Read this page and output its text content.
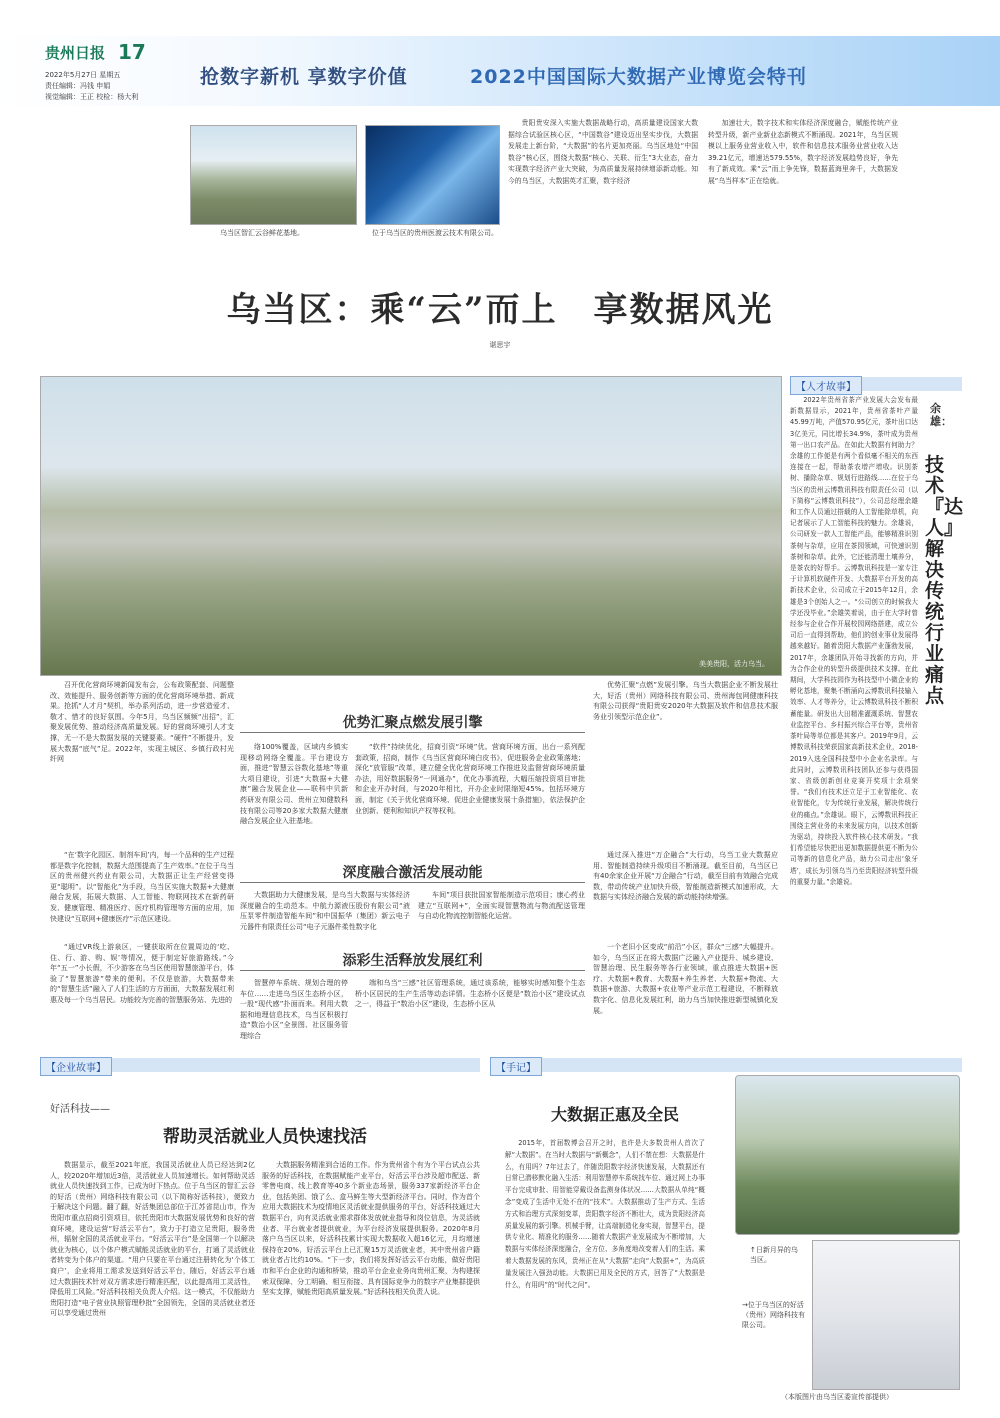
贵州日报 17
2022年5月27日 星期五
责任编辑：冯钱 申娟
视觉编辑：王正 校检：杨大利
抢数字新机 享数字价值	2022中国国际大数据产业博览会特刊
乌当区智汇云谷鲜花基地。	位于乌当区的贵州医渡云技术有限公司。

贵阳贵安深入实施大数据战略行动，高质量建设国家大数据综合试验区核心区，“中国数谷”建设迈出坚实步伐，大数据发展走上新台阶，“大数据”的名片更加亮丽。乌当区地处“中国数谷”核心区，围绕大数据“核心、关联、衍生”3大业态，奋力实现数字经济产业大突破，为高质量发展持续增添新动能。知今的乌当区，大数据英才汇聚，数字经济

加速壮大，数字技术和实体经济深度融合，赋能传统产业转型升级，新产业新业态新模式不断涌现。2021年，乌当区规模以上服务业营业收入中，软件和信息技术服务业营业收入达39.21亿元，增速达579.55%，数字经济发展趋势良好，争先有了新成效。乘“云”而上争先锋，数据蓝海里奔千，大数据发展“乌当样本”正在绘就。

乌当区：乘“云”而上　享数据风光
谌思宇
美美贵阳，活力乌当。
【人才故事】

2022年贵州省茶产业发展大会发布最新数据显示，2021年，贵州省茶叶产量45.99万吨，产值570.95亿元，茶叶出口达3亿美元，同比增长34.9%，茶叶成为贵州第一出口农产品。在如此大数据有何助力？余雄的工作便是有两个看似毫不相关的东西连接在一起，帮助茶农增产增收。识别茶树、播除杂草、规划行进路线……在位于乌当区的贵州云博数讯科技有限责任公司（以下简称“云博数讯科技”），公司总经理余雄和工作人员通过搭载的人工智能除草机，向记者展示了人工智能科技的魅力。余雄说，公司研发一款人工智能产品，能够精准识别茶树与杂草，应用在茶园领域，可快速识别茶树和杂草。此外，它还能清理土壤养分，是茶农的好帮手。云博数讯科技是一家专注于计算机软硬件开发、大数据平台开发的高新技术企业，公司成立于2015年12月，余雄是3个创始人之一。“公司创立的时候我大学还没毕业。”余雄笑着说，由于在大学时曾经参与企业合作开展校园网络搭建，成立公司后一直得到帮助，他们的创业事业发展得越来越好。随着贵阳大数据产业蓬勃发展，2017年，余雄团队开始寻找新的方向，并为合作企业的转型升级提供技术支撑。在此期间，大学科技园作为科技型中小微企业的孵化基地，聚集不断涌向云博数讯科技输入效率、人才等养分，让云博数讯科技不断积蓄能量。研发出大田精准灌溉系统、智慧农业监控平台、乡村振兴综合平台等，贵州省茶叶局等单位都是其客户。2019年9月，云博数讯科技荣获国家高新技术企业，2018-2019入选全国科技型中小企业名录库。与此同时，云博数讯科技团队还参与获得国家、省级创新创业竞赛开奖项十余项荣誉。“我们有技术还立足于工业智能化、农业智能化，专为传统行业发展，解决传统行业的痛点。”余雄说。眼下，云博数讯科技正围绕主营业务的未来发展方向，以技术创新为驱动，持续投入软件核心技术研发。“我们希望能尽快把出更加数据提供更不断为公司等新的信息化产品，助力公司走出‘象牙塔’，成长为引领乌当乃至贵阳经济转型升级的重要力量。”余雄说。

余雄：
技术『达人』解决传统行业痛点

召开优化营商环境新闻发布会，公布政策配套、问题整改、效能提升、服务创新等方面的优化营商环境举措、新成果。抢抓“人才月”契机，举办系列活动，进一步营造爱才、敬才、惜才的良好氛围。今年5月，乌当区频频“出招”，汇聚发展优势、推动经济高质量发展。好的营商环境引人才支撑，无一不是大数据发展的关键要素。“硬件”不断提升，发展大数据“底气”足。2022年，实现主城区、乡镇行政村光纤网

优势汇聚点燃发展引擎

络100%覆盖，区域内乡镇实现移动网络全覆盖。平台建设方面，推进“智慧云谷数化基地”等重大项目建设，引进“大数据+大健康”融合发展企业——联科中贝新药研发有限公司、贵州立知健数科技有限公司等20多家大数据大健康融合发展企业入驻基地。

“软件”持续优化，招商引资“环境”优。营商环境方面，出台一系列配套政策，招商，制作《乌当区营商环境白皮书》，促进服务企业政策落地；深化“放管服”改革，建立健全优化营商环境工作推进及监督营商环境质量办法，用好数据服务“一网通办”，优化办事流程，大幅压缩投资项目审批和企业开办时间，与2020年相比，开办企业时限缩短45%。包括环境方面，制定《关于优化营商环境、促进企业健康发展十条措施》，依法保护企业创新、便利和知识产权等权利。

优势汇聚“点燃”发展引擎。乌当大数据企业不断发展壮大，好活（贵州）网络科技有限公司、贵州海包网健康科技有限公司获得“贵阳贵安2020年大数据及软件和信息技术服务业引领型示范企业”。

“在‘数字化园区、制剂车间’内，每一个品种的生产过程都是数字化控制，数据大范围提高了生产效率。”在位于乌当区的贵州健兴药业有限公司，大数据正让生产经营变得更“聪明”。以“智能化”为手段，乌当区实施大数据+大健康融合发展，拓展大数据、人工智能、物联网技术在新药研发、健康管理、精准医疗、医疗机构管理等方面的应用，加快建设“互联网+健康医疗”示范区建设。

深度融合激活发展动能

大数据助力大健康发展，是乌当大数据与实体经济深度融合的生动范本。中航力源液压股份有限公司“液压泵零件制造智能车间”和中国振华（集团）新云电子元器件有限责任公司“电子元器件柔性数字化

车间”项目获批国家智能制造示范项目；康心药业建立“互联网+”，全面实现智慧物流与物流配送管理与自动化物流控制智能化运营。

通过深入推进“万企融合”大行动，乌当工业大数据应用、智能制造持续升级项目不断涌现。截至目前，乌当区已有40余家企业开展“万企融合”行动，截至目前有效融合完成数，带动传统产业加快升级，智能制造新模式加速形成，大数据与实体经济融合发展的新动能持续增强。

“通过VR线上游泉区，一键获取所在位置周边的‘吃、住、行、游、购、娱’等情况，便于制定好旅游路线。”今年“五一”小长假，不少游客在乌当区使用智慧旅游平台，体验了“智慧旅游”带来的便利。不仅是旅游，大数据带来的“智慧生活”融入了人们生活的方方面面，大数据发展红利惠及每一个乌当居民。功能较为完善的智慧服务站、先进的

添彩生活释放发展红利

智慧停车系统、规划合理的停车位……走进乌当区生态桥小区，一股“现代感”扑面而来。利用大数据和地理信息技术，乌当区积极打造“数治小区”全景图、社区服务管理综合

端和乌当“三感”社区管理系统，通过该系统，能够实时感知整个生态桥小区居民的生产生活等动态详情。生态桥小区便是“数治小区”建设试点之一，得益于“数治小区”建设，生态桥小区从

一个老旧小区变成“前沿”小区，群众“三感”大幅提升。如今，乌当区正在将大数据广泛融入产业提升、城乡建设、智慧治理、民生服务等各行业领域，重点推进大数据+医疗、大数据+教育、大数据+养生养老、大数据+物流、大数据+旅游、大数据+农业等产业示范工程建设，不断释放数字化、信息化发展红利，助力乌当加快推进新型城镇化发展。

【企业故事】
好活科技——
帮助灵活就业人员快速找活

数据显示，截至2021年底，我国灵活就业人员已经达到2亿人，较2020年增加近3倍，灵活就业人员加速增长。如何帮助灵活就业人员快速找到工作，已成为时下热点。位于乌当区的智汇云谷的好活（贵州）网络科技有限公司（以下简称好活科技），便致力于解决这个问题。翻了翻，好活集团总部位于江苏省昆山市，作为贵阳市重点招商引资项目，依托贵阳市大数据发展优势和良好的营商环境，建设运营“好活云平台”，致力于打造立足贵阳，服务贵州，辐射全国的灵活就业平台。“好活云平台”是全国第一个以解决就业为核心，以个体户模式赋能灵活就业的平台，打通了灵活就业者转变为个体户的渠道。“用户只要在平台通过注册转化为‘个体工商户’，企业将用工需求发送到好活云平台，随后，好活云平台通过大数据技术针对双方需求进行精准匹配，以此提高用工灵活性，降低用工风险。”好活科技相关负责人介绍。这一模式，不仅能助力贵阳打造“电子营业执照管理秒批”全国领先，全国的灵活就业者还可以享受通过贵州

大数据服务精准到合适的工作。作为贵州省个有为个平台试点公共服务的好活科技，在数据赋能产业平台，好活云平台涉及超市配送、新零售电商、线上教育等40多个新业态场景，服务337家新经济平台企业，包括美团、饿了么、盒马鲜生等大型新经济平台。同时，作为首个应用大数据技术为疫情地区灵活就业提供服务的平台，好活科技通过大数据平台，向有灵活就业需求群体发放就业指导和岗位信息，为灵活就业者、平台就业者提供就业，为平台经济发展提供服务。2020年8月落户乌当区以来，好活科技累计实现大数据收入超16亿元，月均增速保持在20%，好活云平台上已汇聚15万灵活就业者，其中贵州省户籍就业者占比约10%。“下一步，我们将发挥好活云平台功能，做好贵阳市和平台企业的沟通和桥梁，推动平台企业业务向贵州汇聚，为构建探索双保障、分工明确、相互衔接、具有国际竞争力的数字产业集群提供坚实支撑，赋能贵阳高质量发展。”好活科技相关负责人说。

【手记】
大数据正惠及全民

2015年，首届数博会召开之时，也许是大多数贵州人首次了解“大数据”。在当时大数据与“新概念”，人们不禁在想：大数据是什么，有用吗？7年过去了，伴随贵阳数字经济快速发展，大数据还有日常已潜移默化融入生活：利用智慧停车系统找车位、通过网上办事平台完成审批、用智能穿戴设备监测身体状况……大数据从单纯“概念”变成了生活中无处不在的“技术”。大数据推动了生产方式、生活方式和治理方式深刻变革，贵阳数字经济不断壮大，成为贵阳经济高质量发展的新引擎。机械手臂，让高端制造化身实现，智慧平台，提供专业化、精准化的服务……随着大数据产业发展成为不断增加，大数据与实体经济深度融合，全方位、多角度地改变着人们的生活。乘着大数据发展的东风，贵州正在从“大数据”走向“大数据+”，为高质量发展注入强劲动能。大数据已用及全民的方式，回答了“大数据是什么，有用吗”的“时代之问”。

↑日新月异的乌当区。
→位于乌当区的好活（贵州）网络科技有限公司。
（本版图片由乌当区委宣传部提供）
